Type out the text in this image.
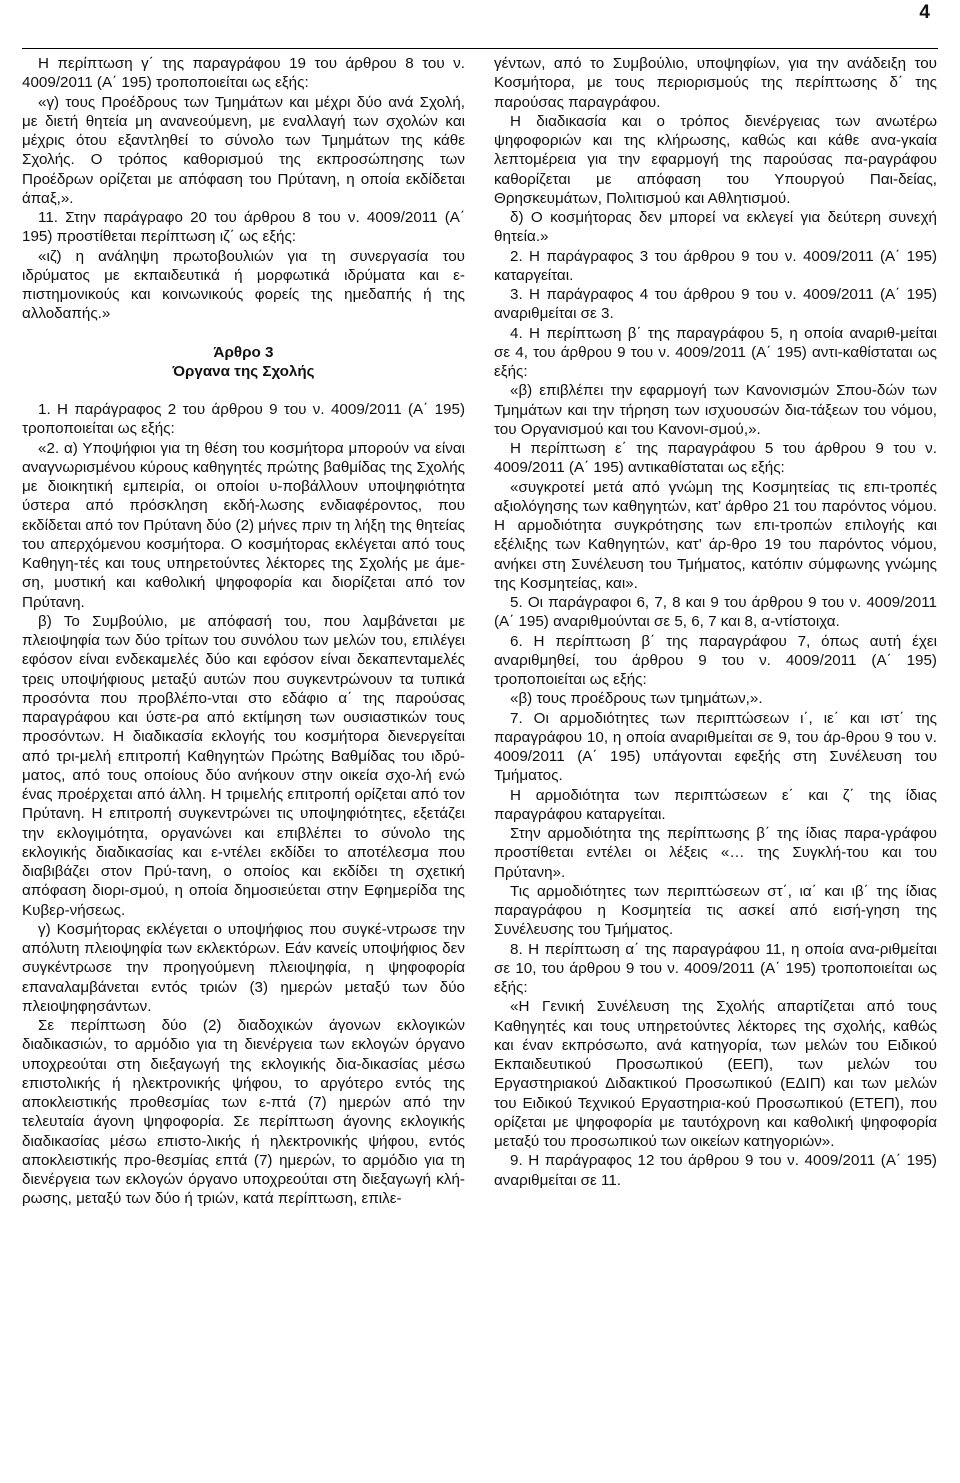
4

Η περίπτωση γ΄ της παραγράφου 19 του άρθρου 8 του ν. 4009/2011 (Α΄ 195) τροποποιείται ως εξής:

«γ) τους Προέδρους των Τμημάτων και μέχρι δύο ανά Σχολή, με διετή θητεία μη ανανεούμενη, με εναλλαγή των σχολών και μέχρις ότου εξαντληθεί το σύνολο των Τμημάτων της κάθε Σχολής. Ο τρόπος καθορισμού της εκπροσώπησης των Προέδρων ορίζεται με απόφαση του Πρύτανη, η οποία εκδίδεται άπαξ,».

11. Στην παράγραφο 20 του άρθρου 8 του ν. 4009/2011 (Α΄ 195) προστίθεται περίπτωση ιζ΄ ως εξής:

«ιζ) η ανάληψη πρωτοβουλιών για τη συνεργασία του ιδρύματος με εκπαιδευτικά ή μορφωτικά ιδρύματα και ε-πιστημονικούς και κοινωνικούς φορείς της ημεδαπής ή της αλλοδαπής.»

Άρθρο 3

Όργανα της Σχολής

1. Η παράγραφος 2 του άρθρου 9 του ν. 4009/2011 (Α΄ 195) τροποποιείται ως εξής:

«2. α) Υποψήφιοι για τη θέση του κοσμήτορα μπορούν να είναι αναγνωρισμένου κύρους καθηγητές πρώτης βαθμίδας της Σχολής με διοικητική εμπειρία, οι οποίοι υ-ποβάλλουν υποψηφιότητα ύστερα από πρόσκληση εκδή-λωσης ενδιαφέροντος, που εκδίδεται από τον Πρύτανη δύο (2) μήνες πριν τη λήξη της θητείας του απερχόμενου κοσμήτορα. Ο κοσμήτορας εκλέγεται από τους Καθηγη-τές και τους υπηρετούντες λέκτορες της Σχολής με άμε-ση, μυστική και καθολική ψηφοφορία και διορίζεται από τον Πρύτανη.

β) Το Συμβούλιο, με απόφασή του, που λαμβάνεται με πλειοψηφία των δύο τρίτων του συνόλου των μελών του, επιλέγει εφόσον είναι ενδεκαμελές δύο και εφόσον είναι δεκαπενταμελές τρεις υποψήφιους μεταξύ αυτών που συγκεντρώνουν τα τυπικά προσόντα που προβλέπο-νται στο εδάφιο α΄ της παρούσας παραγράφου και ύστε-ρα από εκτίμηση των ουσιαστικών τους προσόντων. Η διαδικασία εκλογής του κοσμήτορα διενεργείται από τρι-μελή επιτροπή Καθηγητών Πρώτης Βαθμίδας του ιδρύ-ματος, από τους οποίους δύο ανήκουν στην οικεία σχο-λή ενώ ένας προέρχεται από άλλη. Η τριμελής επιτροπή ορίζεται από τον Πρύτανη. Η επιτροπή συγκεντρώνει τις υποψηφιότητες, εξετάζει την εκλογιμότητα, οργανώνει και επιβλέπει το σύνολο της εκλογικής διαδικασίας και ε-ντέλει εκδίδει το αποτέλεσμα που διαβιβάζει στον Πρύ-τανη, ο οποίος και εκδίδει τη σχετική απόφαση διορι-σμού, η οποία δημοσιεύεται στην Εφημερίδα της Κυβερ-νήσεως.

γ) Κοσμήτορας εκλέγεται ο υποψήφιος που συγκέ-ντρωσε την απόλυτη πλειοψηφία των εκλεκτόρων. Εάν κανείς υποψήφιος δεν συγκέντρωσε την προηγούμενη πλειοψηφία, η ψηφοφορία επαναλαμβάνεται εντός τριών (3) ημερών μεταξύ των δύο πλειοψηφησάντων.

Σε περίπτωση δύο (2) διαδοχικών άγονων εκλογικών διαδικασιών, το αρμόδιο για τη διενέργεια των εκλογών όργανο υποχρεούται στη διεξαγωγή της εκλογικής δια-δικασίας μέσω επιστολικής ή ηλεκτρονικής ψήφου, το αργότερο εντός της αποκλειστικής προθεσμίας των ε-πτά (7) ημερών από την τελευταία άγονη ψηφοφορία. Σε περίπτωση άγονης εκλογικής διαδικασίας μέσω επιστο-λικής ή ηλεκτρονικής ψήφου, εντός αποκλειστικής προ-θεσμίας επτά (7) ημερών, το αρμόδιο για τη διενέργεια των εκλογών όργανο υποχρεούται στη διεξαγωγή κλή-ρωσης, μεταξύ των δύο ή τριών, κατά περίπτωση, επιλε-

γέντων, από το Συμβούλιο, υποψηφίων, για την ανάδειξη του Κοσμήτορα, με τους περιορισμούς της περίπτωσης δ΄ της παρούσας παραγράφου.

Η διαδικασία και ο τρόπος διενέργειας των ανωτέρω ψηφοφοριών και της κλήρωσης, καθώς και κάθε ανα-γκαία λεπτομέρεια για την εφαρμογή της παρούσας πα-ραγράφου καθορίζεται με απόφαση του Υπουργού Παι-δείας, Θρησκευμάτων, Πολιτισμού και Αθλητισμού.

δ) Ο κοσμήτορας δεν μπορεί να εκλεγεί για δεύτερη συνεχή θητεία.»

2. Η παράγραφος 3 του άρθρου 9 του ν. 4009/2011 (Α΄ 195) καταργείται.

3. Η παράγραφος 4 του άρθρου 9 του ν. 4009/2011 (Α΄ 195) αναριθμείται σε 3.

4. Η περίπτωση β΄ της παραγράφου 5, η οποία αναριθ-μείται σε 4, του άρθρου 9 του ν. 4009/2011 (Α΄ 195) αντι-καθίσταται ως εξής:

«β) επιβλέπει την εφαρμογή των Κανονισμών Σπου-δών των Τμημάτων και την τήρηση των ισχυουσών δια-τάξεων του νόμου, του Οργανισμού και του Κανονι-σμού,».

Η περίπτωση ε΄ της παραγράφου 5 του άρθρου 9 του ν. 4009/2011 (Α΄ 195) αντικαθίσταται ως εξής:

«συγκροτεί μετά από γνώμη της Κοσμητείας τις επι-τροπές αξιολόγησης των καθηγητών, κατ’ άρθρο 21 του παρόντος νόμου. Η αρμοδιότητα συγκρότησης των επι-τροπών επιλογής και εξέλιξης των Καθηγητών, κατ’ άρ-θρο 19 του παρόντος νόμου, ανήκει στη Συνέλευση του Τμήματος, κατόπιν σύμφωνης γνώμης της Κοσμητείας, και».

5. Οι παράγραφοι 6, 7, 8 και 9 του άρθρου 9 του ν. 4009/2011 (Α΄ 195) αναριθμούνται σε 5, 6, 7 και 8, α-ντίστοιχα.

6. Η περίπτωση β΄ της παραγράφου 7, όπως αυτή έχει αναριθμηθεί, του άρθρου 9 του ν. 4009/2011 (Α΄ 195) τροποποιείται ως εξής:

«β) τους προέδρους των τμημάτων,».

7. Οι αρμοδιότητες των περιπτώσεων ι΄, ιε΄ και ιστ΄ της παραγράφου 10, η οποία αναριθμείται σε 9, του άρ-θρου 9 του ν. 4009/2011 (Α΄ 195) υπάγονται εφεξής στη Συνέλευση του Τμήματος.

Η αρμοδιότητα των περιπτώσεων ε΄ και ζ΄ της ίδιας παραγράφου καταργείται.

Στην αρμοδιότητα της περίπτωσης β΄ της ίδιας παρα-γράφου προστίθεται εντέλει οι λέξεις «… της Συγκλή-του και του Πρύτανη».

Τις αρμοδιότητες των περιπτώσεων στ΄, ια΄ και ιβ΄ της ίδιας παραγράφου η Κοσμητεία τις ασκεί από εισή-γηση της Συνέλευσης του Τμήματος.

8. Η περίπτωση α΄ της παραγράφου 11, η οποία ανα-ριθμείται σε 10, του άρθρου 9 του ν. 4009/2011 (Α΄ 195) τροποποιείται ως εξής:

«Η Γενική Συνέλευση της Σχολής απαρτίζεται από τους Καθηγητές και τους υπηρετούντες λέκτορες της σχολής, καθώς και έναν εκπρόσωπο, ανά κατηγορία, των μελών του Ειδικού Εκπαιδευτικού Προσωπικού (ΕΕΠ), των μελών του Εργαστηριακού Διδακτικού Προσωπικού (ΕΔΙΠ) και των μελών του Ειδικού Τεχνικού Εργαστηρια-κού Προσωπικού (ΕΤΕΠ), που ορίζεται με ψηφοφορία με ταυτόχρονη και καθολική ψηφοφορία μεταξύ του προσωπικού των οικείων κατηγοριών».

9. Η παράγραφος 12 του άρθρου 9 του ν. 4009/2011 (Α΄ 195) αναριθμείται σε 11.
